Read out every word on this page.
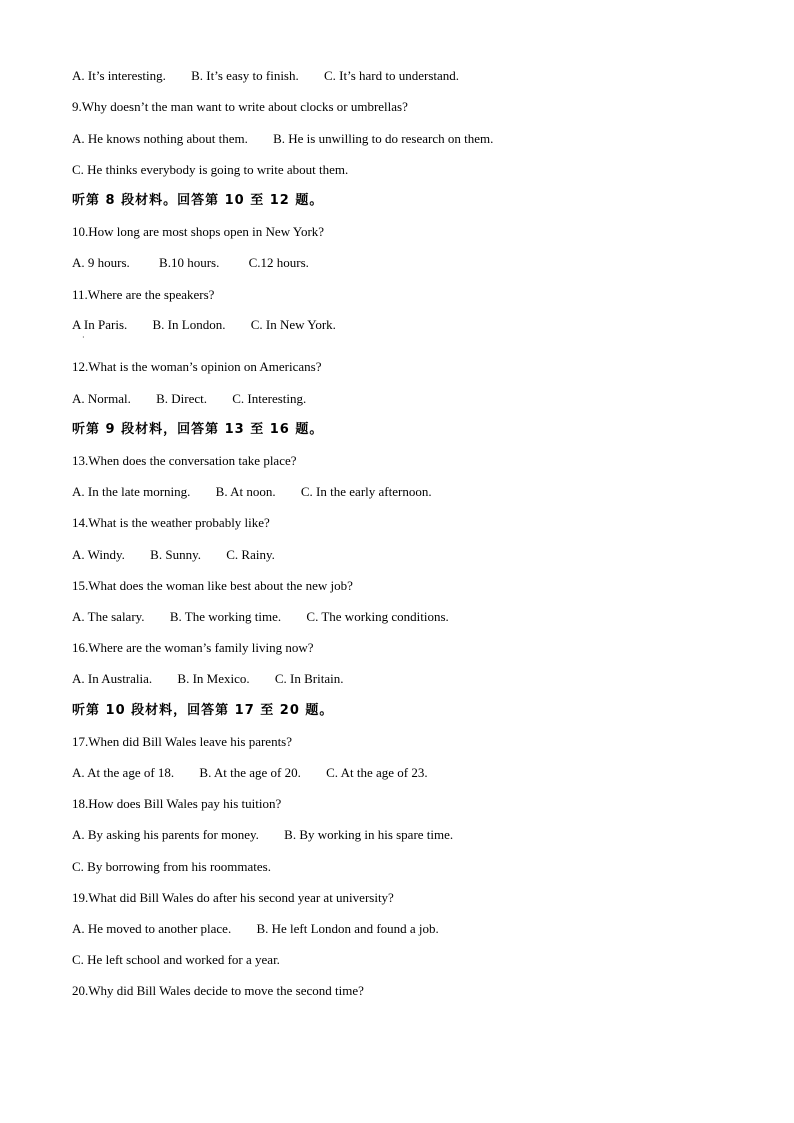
A. It’s interesting. B. It’s easy to finish. C. It’s hard to understand.
9.Why doesn’t the man want to write about clocks or umbrellas?
A. He knows nothing about them. B. He is unwilling to do research on them.
C. He thinks everybody is going to write about them.
听第 8 段材料。回答第 10 至 12 题。
10.How long are most shops open in New York?
A. 9 hours. B.10 hours. C.12 hours.
11.Where are the speakers?
A In Paris. B. In London. C. In New York.
·
12.What is the woman’s opinion on Americans?
A. Normal. B. Direct. C. Interesting.
听第 9 段材料，回答第 13 至 16 题。
13.When does the conversation take place?
A. In the late morning. B. At noon. C. In the early afternoon.
14.What is the weather probably like?
A. Windy. B. Sunny. C. Rainy.
15.What does the woman like best about the new job?
A. The salary. B. The working time. C. The working conditions.
16.Where are the woman’s family living now?
A. In Australia. B. In Mexico. C. In Britain.
听第 10 段材料，回答第 17 至 20 题。
17.When did Bill Wales leave his parents?
A. At the age of 18. B. At the age of 20. C. At the age of 23.
18.How does Bill Wales pay his tuition?
A. By asking his parents for money. B. By working in his spare time.
C. By borrowing from his roommates.
19.What did Bill Wales do after his second year at university?
A. He moved to another place. B. He left London and found a job.
C. He left school and worked for a year.
20.Why did Bill Wales decide to move the second time?
